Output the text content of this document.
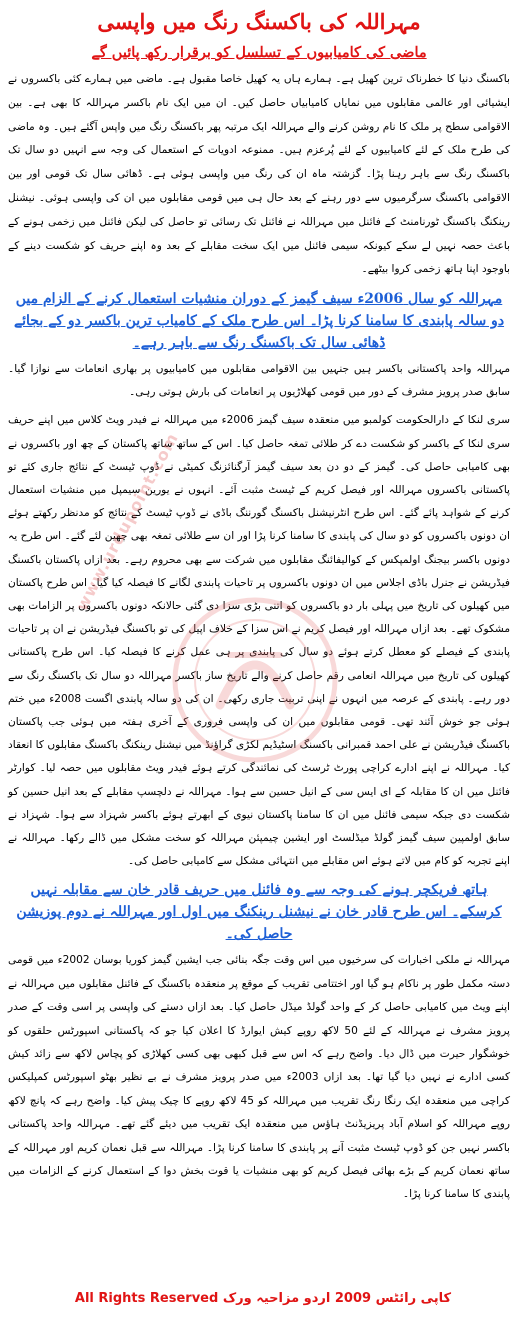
مہراللہ کی باکسنگ رنگ میں واپسی
ماضی کی کامیابیوں کے تسلسل کو برقرار رکھ پائیں گے

باکسنگ دنیا کا خطرناک ترین کھیل ہے۔ ہمارے ہاں یہ کھیل خاصا مقبول ہے۔ ماضی میں ہمارے کئی باکسروں نے ایشیائی اور عالمی مقابلوں میں نمایاں کامیابیاں حاصل کیں۔ ان میں ایک نام باکسر مہراللہ کا بھی ہے۔ بین الاقوامی سطح پر ملک کا نام روشن کرنے والے مہراللہ ایک مرتبہ پھر باکسنگ رنگ میں واپس آگئے ہیں۔ وہ ماضی کی طرح ملک کے لئے کامیابیوں کے لئے پُرعزم ہیں۔ ممنوعہ ادویات کے استعمال کی وجہ سے انہیں دو سال تک باکسنگ رنگ سے باہر رہنا پڑا۔ گزشتہ ماہ ان کی رنگ میں واپسی ہوئی ہے۔ ڈھائی سال تک قومی اور بین الاقوامی باکسنگ سرگرمیوں سے دور رہنے کے بعد حال ہی میں قومی مقابلوں میں ان کی واپسی ہوئی۔ نیشنل رینکنگ باکسنگ ٹورنامنٹ کے فائنل میں مہراللہ نے فائنل تک رسائی تو حاصل کی لیکن فائنل میں زخمی ہونے کے باعث حصہ نہیں لے سکے کیونکہ سیمی فائنل میں ایک سخت مقابلے کے بعد وہ اپنے حریف کو شکست دینے کے باوجود اپنا ہاتھ زخمی کروا بیٹھے۔

مہراللہ کو سال 2006ء سیف گیمز کے دوران منشیات استعمال کرنے کے الزام میں دو سالہ پابندی کا سامنا کرنا پڑا۔ اس طرح ملک کے کامیاب ترین باکسر دو کے بجائے ڈھائی سال تک باکسنگ رنگ سے باہر رہے۔

مہراللہ واحد پاکستانی باکسر ہیں جنہیں بین الاقوامی مقابلوں میں کامیابیوں پر بھاری انعامات سے نوازا گیا۔ سابق صدر پرویز مشرف کے دور میں قومی کھلاڑیوں پر انعامات کی بارش ہوتی رہی۔

سری لنکا کے دارالحکومت کولمبو میں منعقدہ سیف گیمز 2006ء میں مہراللہ نے فیدر ویٹ کلاس میں اپنے حریف سری لنکا کے باکسر کو شکست دے کر طلائی تمغہ حاصل کیا۔ اس کے ساتھ ساتھ پاکستان کے چھ اور باکسروں نے بھی کامیابی حاصل کی۔ گیمز کے دو دن بعد سیف گیمز آرگنائزنگ کمیٹی نے ڈوپ ٹیسٹ کے نتائج جاری کئے تو پاکستانی باکسروں مہراللہ اور فیصل کریم کے ٹیسٹ مثبت آئے۔ انہوں نے یورین سیمپل میں منشیات استعمال کرنے کے شواہد پائے گئے۔ اس طرح انٹرنیشنل باکسنگ گورننگ باڈی نے ڈوپ ٹیسٹ کے نتائج کو مدنظر رکھتے ہوئے ان دونوں باکسروں کو دو سال کی پابندی کا سامنا کرنا پڑا اور ان سے طلائی تمغہ بھی چھین لئے گئے۔ اس طرح یہ دونوں باکسر بیجنگ اولمپکس کے کوالیفائنگ مقابلوں میں شرکت سے بھی محروم رہے۔ بعد ازاں پاکستان باکسنگ فیڈریشن نے جنرل باڈی اجلاس میں ان دونوں باکسروں پر تاحیات پابندی لگانے کا فیصلہ کیا گیا۔ اس طرح پاکستان میں کھیلوں کی تاریخ میں پہلی بار دو باکسروں کو اتنی بڑی سزا دی گئی حالانکہ دونوں باکسروں پر الزامات بھی مشکوک تھے۔ بعد ازاں مہراللہ اور فیصل کریم نے اس سزا کے خلاف اپیل کی تو باکسنگ فیڈریشن نے ان پر تاحیات پابندی کے فیصلے کو معطل کرتے ہوئے دو سال کی پابندی پر ہی عمل کرنے کا فیصلہ کیا۔ اس طرح پاکستانی کھیلوں کی تاریخ میں مہراللہ انعامی رقم حاصل کرنے والے تاریخ ساز باکسر مہراللہ دو سال تک باکسنگ رنگ سے دور رہے۔ پابندی کے عرصہ میں انہوں نے اپنی تربیت جاری رکھی۔ ان کی دو سالہ پابندی اگست 2008ء میں ختم ہوئی جو خوش آئند تھی۔ قومی مقابلوں میں ان کی واپسی فروری کے آخری ہفتہ میں ہوئی جب پاکستان باکسنگ فیڈریشن نے علی احمد قمبرانی باکسنگ اسٹیڈیم لکڑی گراؤنڈ میں نیشنل رینکنگ باکسنگ مقابلوں کا انعقاد کیا۔ مہراللہ نے اپنے ادارے کراچی پورٹ ٹرسٹ کی نمائندگی کرتے ہوئے فیدر ویٹ مقابلوں میں حصہ لیا۔ کوارٹر فائنل میں ان کا مقابلہ کے ای ایس سی کے انیل حسین سے ہوا۔ مہراللہ نے دلچسپ مقابلے کے بعد انیل حسین کو شکست دی جبکہ سیمی فائنل میں ان کا سامنا پاکستان نیوی کے ابھرتے ہوئے باکسر شہزاد سے ہوا۔ شہزاد نے سابق اولمپین سیف گیمز گولڈ میڈلسٹ اور ایشین چیمپئن مہراللہ کو سخت مشکل میں ڈالے رکھا۔ مہراللہ نے اپنے تجربہ کو کام میں لاتے ہوئے اس مقابلے میں انتہائی مشکل سے کامیابی حاصل کی۔

ہاتھ فریکچر ہونے کی وجہ سے وہ فائنل میں حریف قادر خان سے مقابلہ نہیں کرسکے۔ اس طرح قادر خان نے نیشنل رینکنگ میں اول اور مہراللہ نے دوم پوزیشن حاصل کی۔

مہراللہ نے ملکی اخبارات کی سرخیوں میں اس وقت جگہ بنائی جب ایشین گیمز کوریا بوسان 2002ء میں قومی دستہ مکمل طور پر ناکام ہو گیا اور اختتامی تقریب کے موقع پر منعقدہ باکسنگ کے فائنل مقابلوں میں مہراللہ نے اپنے ویٹ میں کامیابی حاصل کر کے واحد گولڈ میڈل حاصل کیا۔ بعد ازاں دستے کی واپسی پر اسی وقت کے صدر پرویز مشرف نے مہراللہ کے لئے 50 لاکھ روپے کیش ایوارڈ کا اعلان کیا جو کہ پاکستانی اسپورٹس حلقوں کو خوشگوار حیرت میں ڈال دیا۔ واضح رہے کہ اس سے قبل کبھی بھی کسی کھلاڑی کو پچاس لاکھ سے زائد کیش کسی ادارے نے نہیں دیا گیا تھا۔ بعد ازاں 2003ء میں صدر پرویز مشرف نے بے نظیر بھٹو اسپورٹس کمپلیکس کراچی میں منعقدہ ایک رنگا رنگ تقریب میں مہراللہ کو 45 لاکھ روپے کا چیک پیش کیا۔ واضح رہے کہ پانچ لاکھ روپے مہراللہ کو اسلام آباد پریزیڈنٹ ہاؤس میں منعقدہ ایک تقریب میں دیئے گئے تھے۔ مہراللہ واحد پاکستانی باکسر نہیں جن کو ڈوپ ٹیسٹ مثبت آنے پر پابندی کا سامنا کرنا پڑا۔ مہراللہ سے قبل نعمان کریم اور مہراللہ کے ساتھ نعمان کریم کے بڑے بھائی فیصل کریم کو بھی منشیات یا قوت بخش دوا کے استعمال کرنے کے الزامات میں پابندی کا سامنا کرنا پڑا۔

www.urdupoint.com
کاپی رائٹس 2009 اردو مزاحیہ ورک All Rights Reserved
